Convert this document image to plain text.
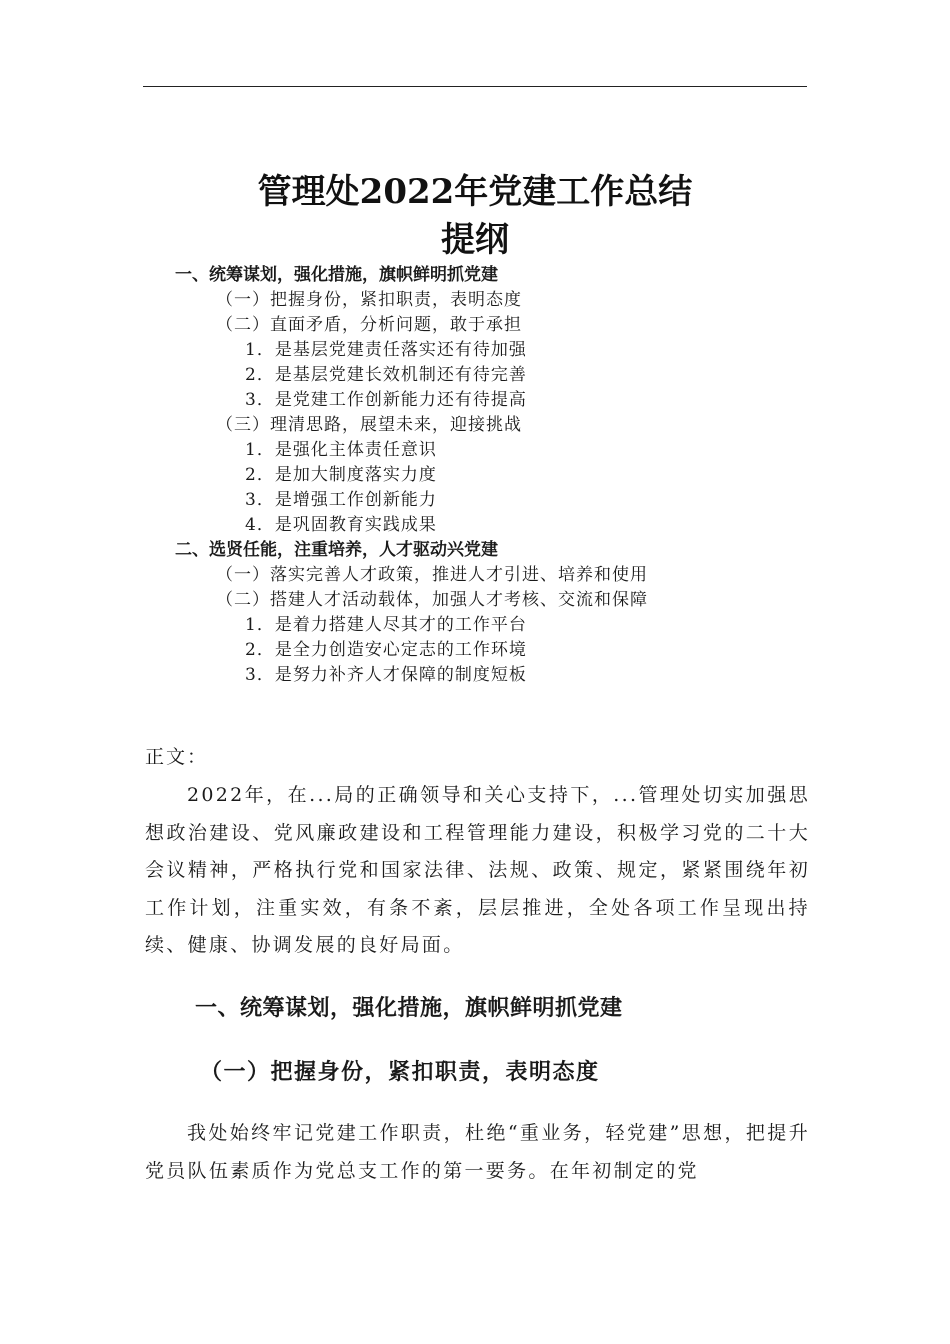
管理处2022年党建工作总结
提纲
一、统筹谋划，强化措施，旗帜鲜明抓党建
（一）把握身份，紧扣职责，表明态度
（二）直面矛盾，分析问题，敢于承担
1．是基层党建责任落实还有待加强
2．是基层党建长效机制还有待完善
3．是党建工作创新能力还有待提高
（三）理清思路，展望未来，迎接挑战
1．是强化主体责任意识
2．是加大制度落实力度
3．是增强工作创新能力
4．是巩固教育实践成果
二、选贤任能，注重培养，人才驱动兴党建
（一）落实完善人才政策，推进人才引进、培养和使用
（二）搭建人才活动载体，加强人才考核、交流和保障
1．是着力搭建人尽其才的工作平台
2．是全力创造安心定志的工作环境
3．是努力补齐人才保障的制度短板
正文：

2022年，在...局的正确领导和关心支持下，...管理处切实加强思想政治建设、党风廉政建设和工程管理能力建设，积极学习党的二十大会议精神，严格执行党和国家法律、法规、政策、规定，紧紧围绕年初工作计划，注重实效，有条不紊，层层推进，全处各项工作呈现出持续、健康、协调发展的良好局面。

一、统筹谋划，强化措施，旗帜鲜明抓党建
（一）把握身份，紧扣职责，表明态度

我处始终牢记党建工作职责，杜绝“重业务，轻党建”思想，把提升党员队伍素质作为党总支工作的第一要务。在年初制定的党
